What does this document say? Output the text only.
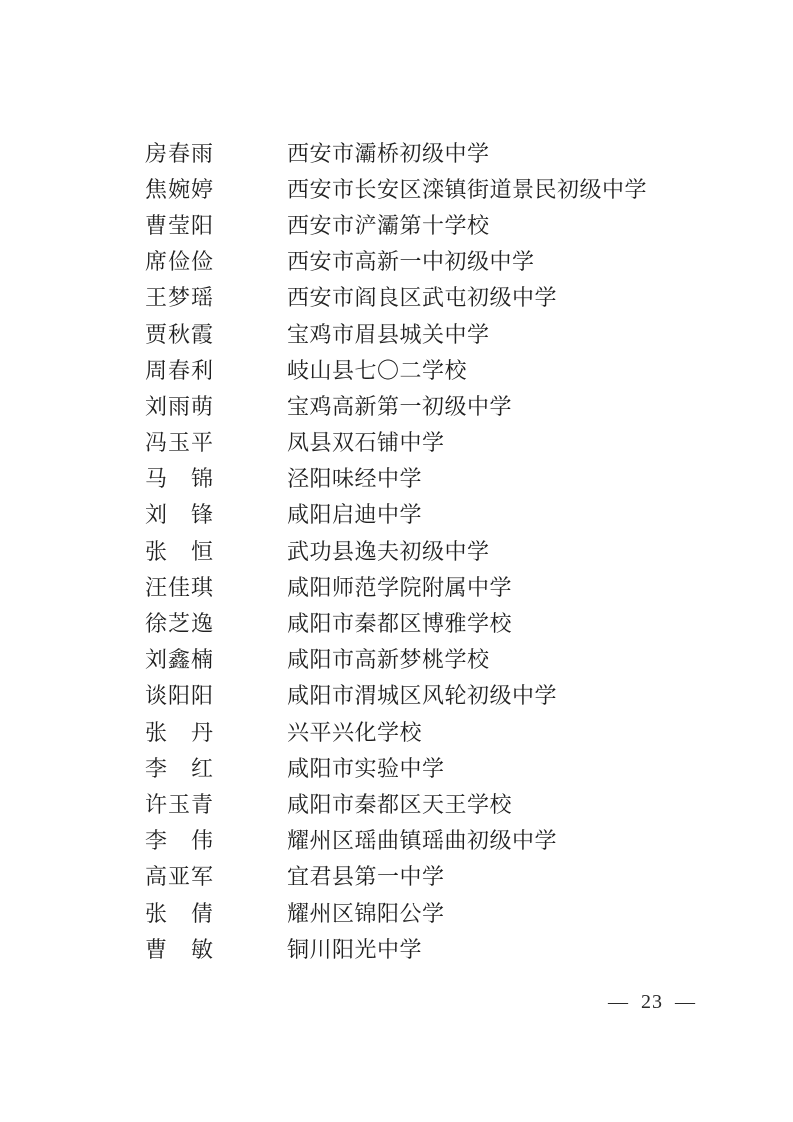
房春雨	西安市灞桥初级中学
焦婉婷	西安市长安区滦镇街道景民初级中学
曹莹阳	西安市浐灞第十学校
席俭俭	西安市高新一中初级中学
王梦瑶	西安市阎良区武屯初级中学
贾秋霞	宝鸡市眉县城关中学
周春利	岐山县七〇二学校
刘雨萌	宝鸡高新第一初级中学
冯玉平	凤县双石铺中学
马　锦	泾阳味经中学
刘　锋	咸阳启迪中学
张　恒	武功县逸夫初级中学
汪佳琪	咸阳师范学院附属中学
徐芝逸	咸阳市秦都区博雅学校
刘鑫楠	咸阳市高新梦桃学校
谈阳阳	咸阳市渭城区风轮初级中学
张　丹	兴平兴化学校
李　红	咸阳市实验中学
许玉青	咸阳市秦都区天王学校
李　伟	耀州区瑶曲镇瑶曲初级中学
高亚军	宜君县第一中学
张　倩	耀州区锦阳公学
曹　敏	铜川阳光中学
— 23 —
